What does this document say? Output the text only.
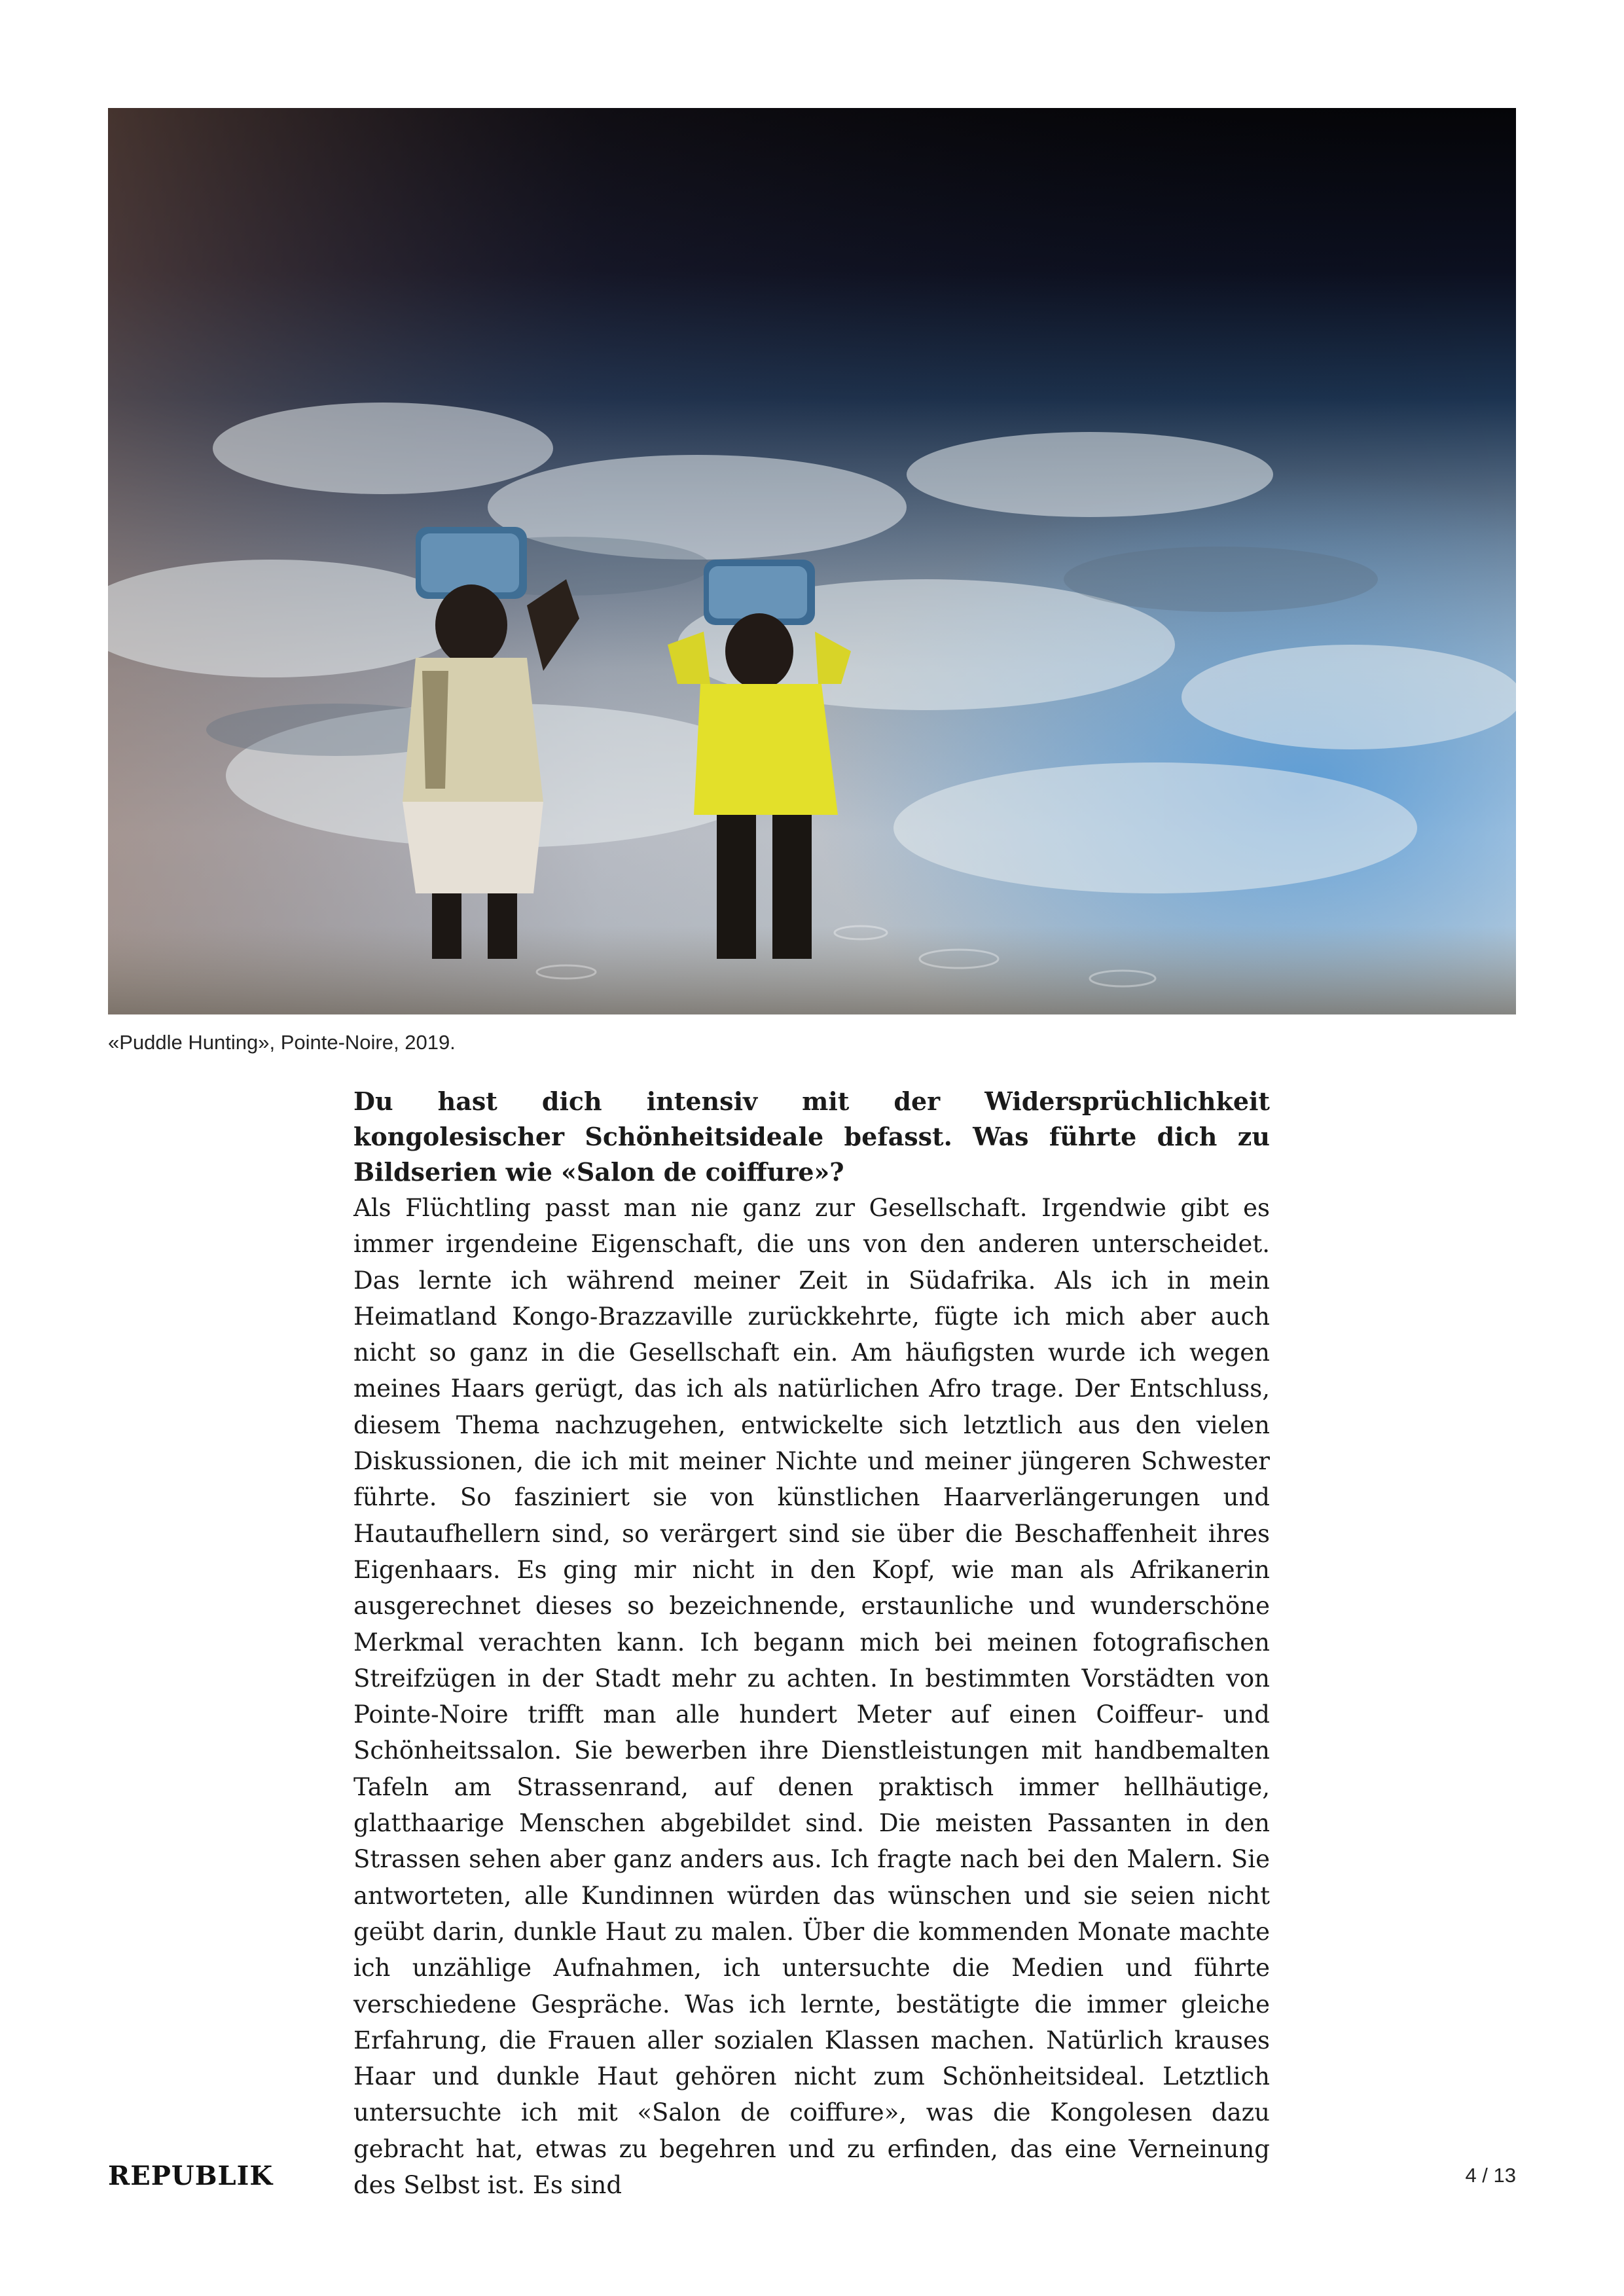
«Puddle Hunting», Pointe-Noire, 2019.

Du hast dich intensiv mit der Widersprüchlichkeit kongolesischer Schönheitsideale befasst. Was führte dich zu Bildserien wie «Salon de coiffure»?

Als Flüchtling passt man nie ganz zur Gesellschaft. Irgendwie gibt es immer irgendeine Eigenschaft, die uns von den anderen unterscheidet. Das lernte ich während meiner Zeit in Südafrika. Als ich in mein Heimatland Kongo-Brazzaville zurückkehrte, fügte ich mich aber auch nicht so ganz in die Gesellschaft ein. Am häufigsten wurde ich wegen meines Haars gerügt, das ich als natürlichen Afro trage. Der Entschluss, diesem Thema nachzugehen, entwickelte sich letztlich aus den vielen Diskussionen, die ich mit meiner Nichte und meiner jüngeren Schwester führte. So fasziniert sie von künstlichen Haarverlängerungen und Hautaufhellern sind, so verärgert sind sie über die Beschaffenheit ihres Eigenhaars. Es ging mir nicht in den Kopf, wie man als Afrikanerin ausgerechnet dieses so bezeichnende, erstaunliche und wunderschöne Merkmal verachten kann. Ich begann mich bei meinen fotografischen Streifzügen in der Stadt mehr zu achten. In bestimmten Vorstädten von Pointe-Noire trifft man alle hundert Meter auf einen Coiffeur- und Schönheitssalon. Sie bewerben ihre Dienstleistungen mit handbemalten Tafeln am Strassenrand, auf denen praktisch immer hellhäutige, glatthaarige Menschen abgebildet sind. Die meisten Passanten in den Strassen sehen aber ganz anders aus. Ich fragte nach bei den Malern. Sie antworteten, alle Kundinnen würden das wünschen und sie seien nicht geübt darin, dunkle Haut zu malen. Über die kommenden Monate machte ich unzählige Aufnahmen, ich untersuchte die Medien und führte verschiedene Gespräche. Was ich lernte, bestätigte die immer gleiche Erfahrung, die Frauen aller sozialen Klassen machen. Natürlich krauses Haar und dunkle Haut gehören nicht zum Schönheitsideal. Letztlich untersuchte ich mit «Salon de coiffure», was die Kongolesen dazu gebracht hat, etwas zu begehren und zu erfinden, das eine Verneinung des Selbst ist. Es sind

REPUBLIK	4 / 13
